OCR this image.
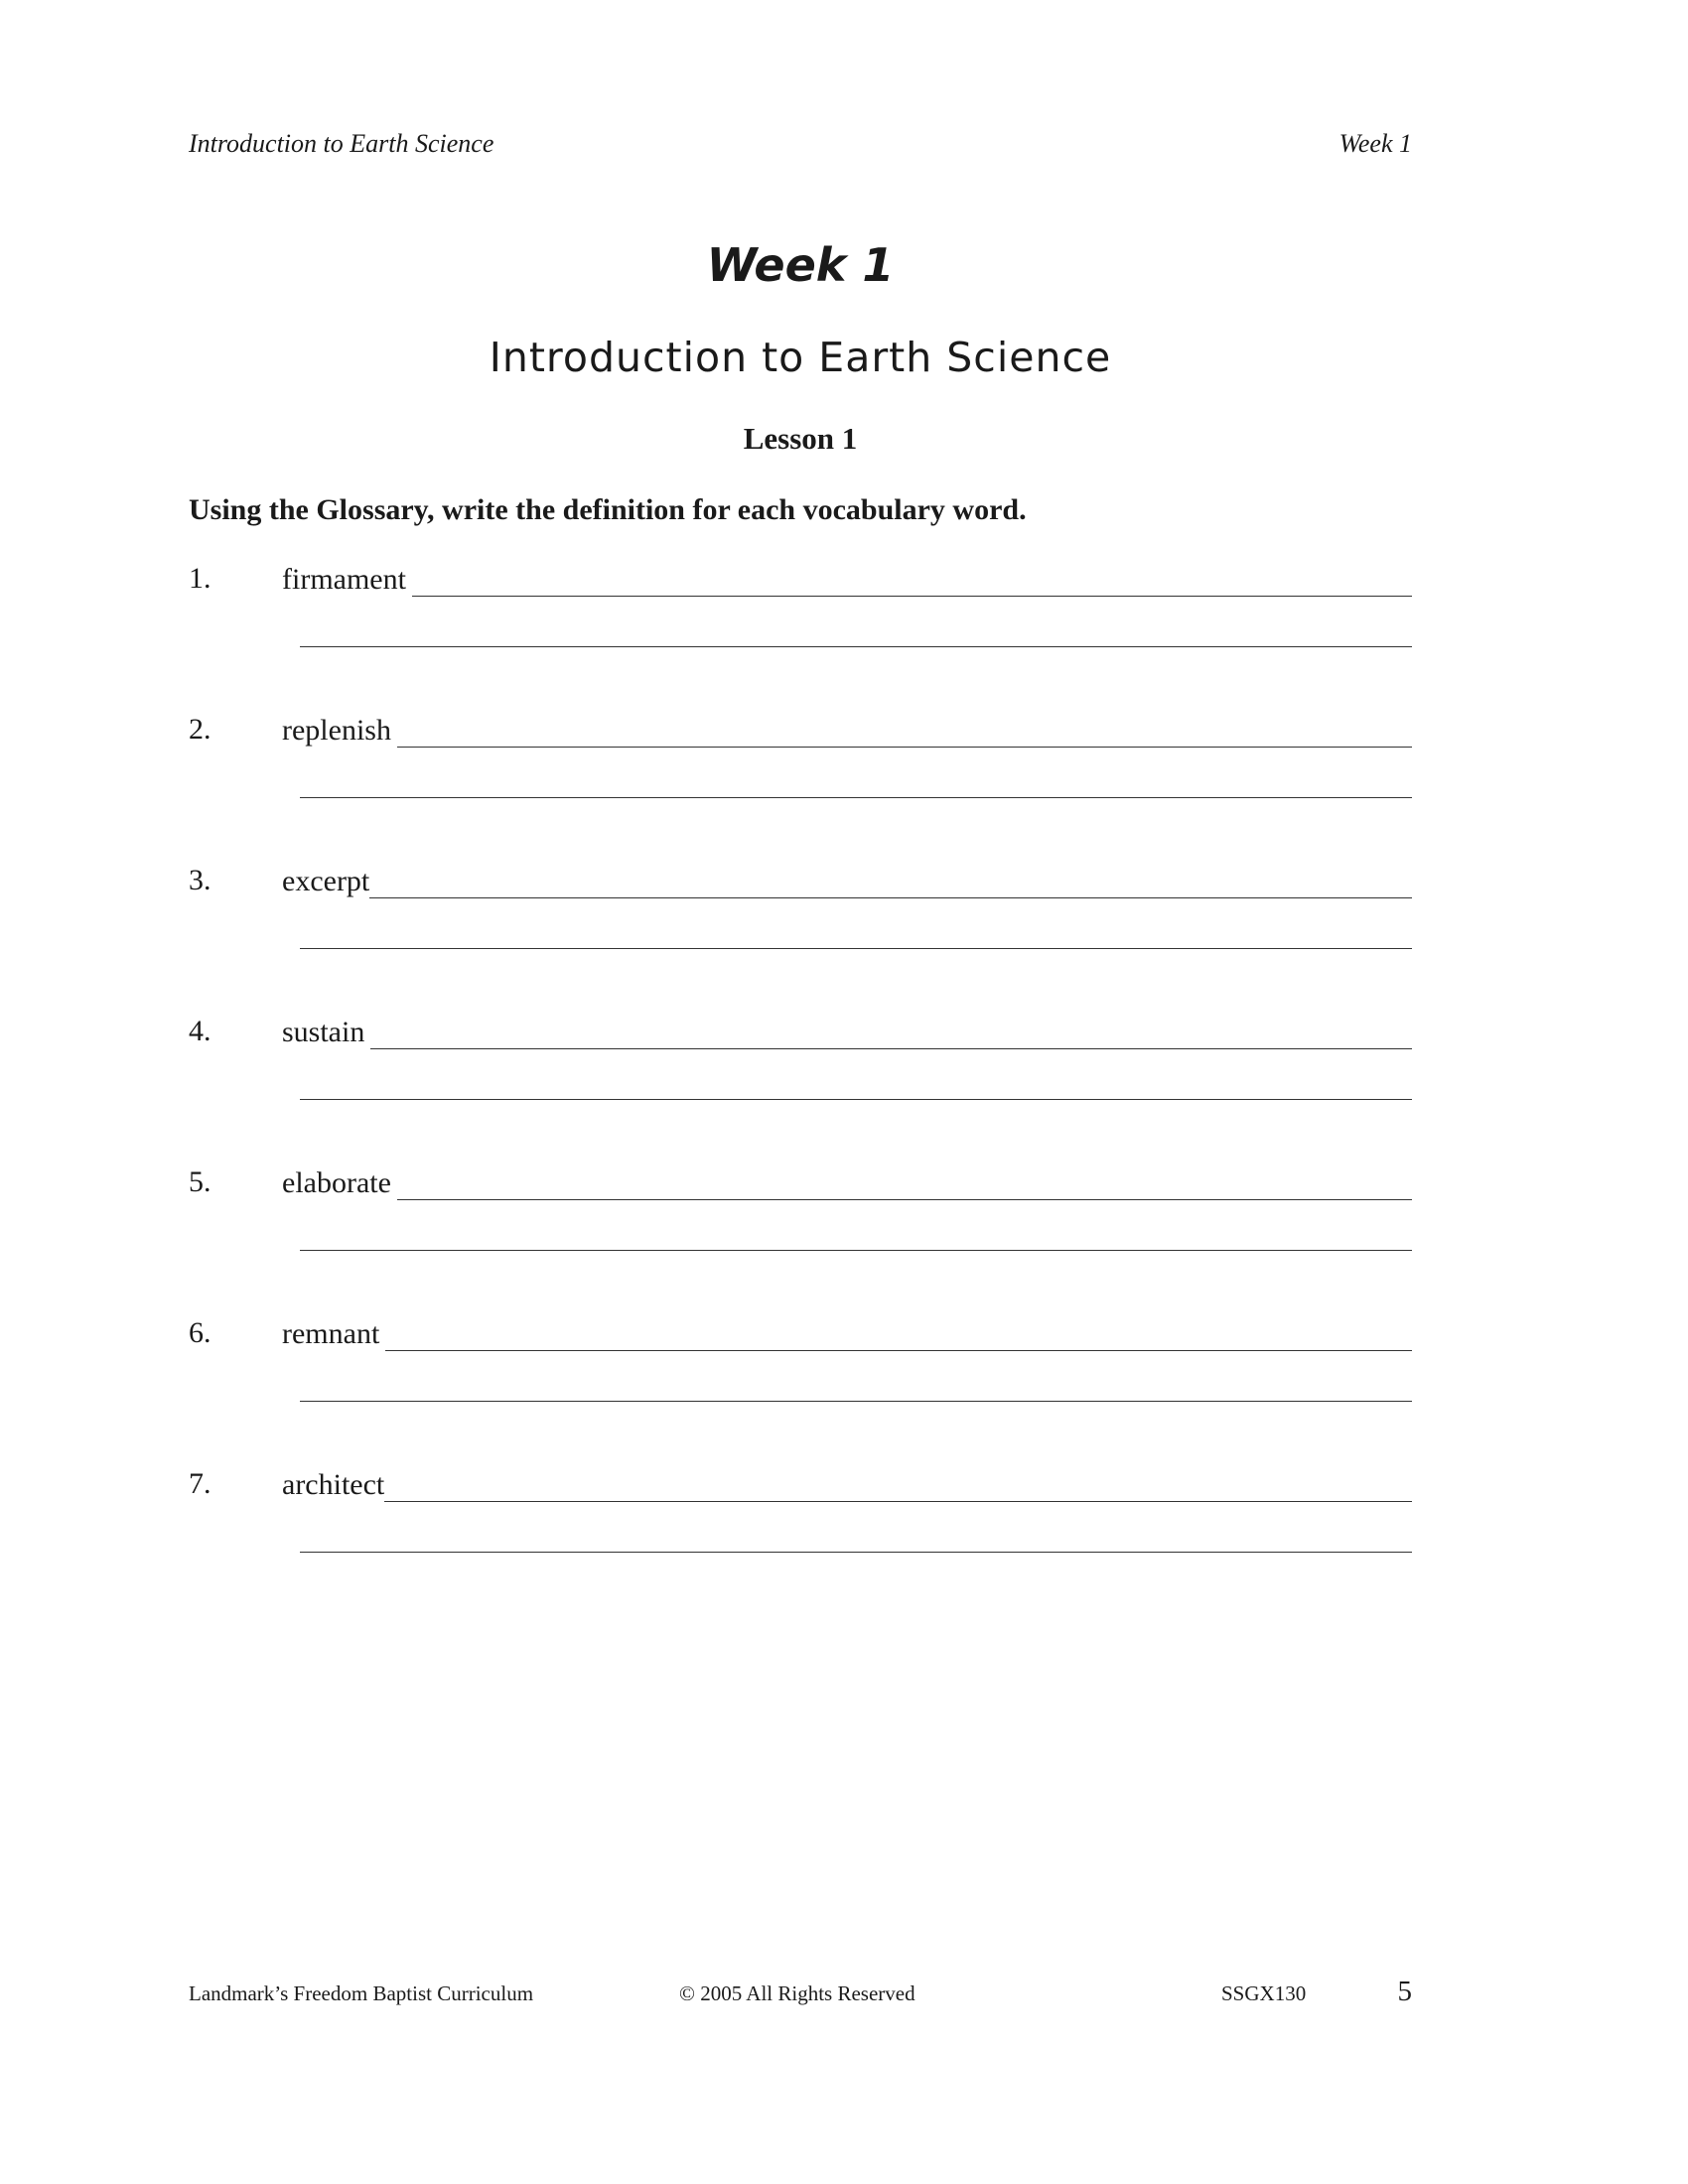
Introduction to Earth Science	Week 1
Week 1
Introduction to Earth Science
Lesson 1
Using the Glossary, write the definition for each vocabulary word.
1. firmament
2. replenish
3. excerpt
4. sustain
5. elaborate
6. remnant
7. architect
Landmark’s Freedom Baptist Curriculum	© 2005 All Rights Reserved	SSGX130	5
